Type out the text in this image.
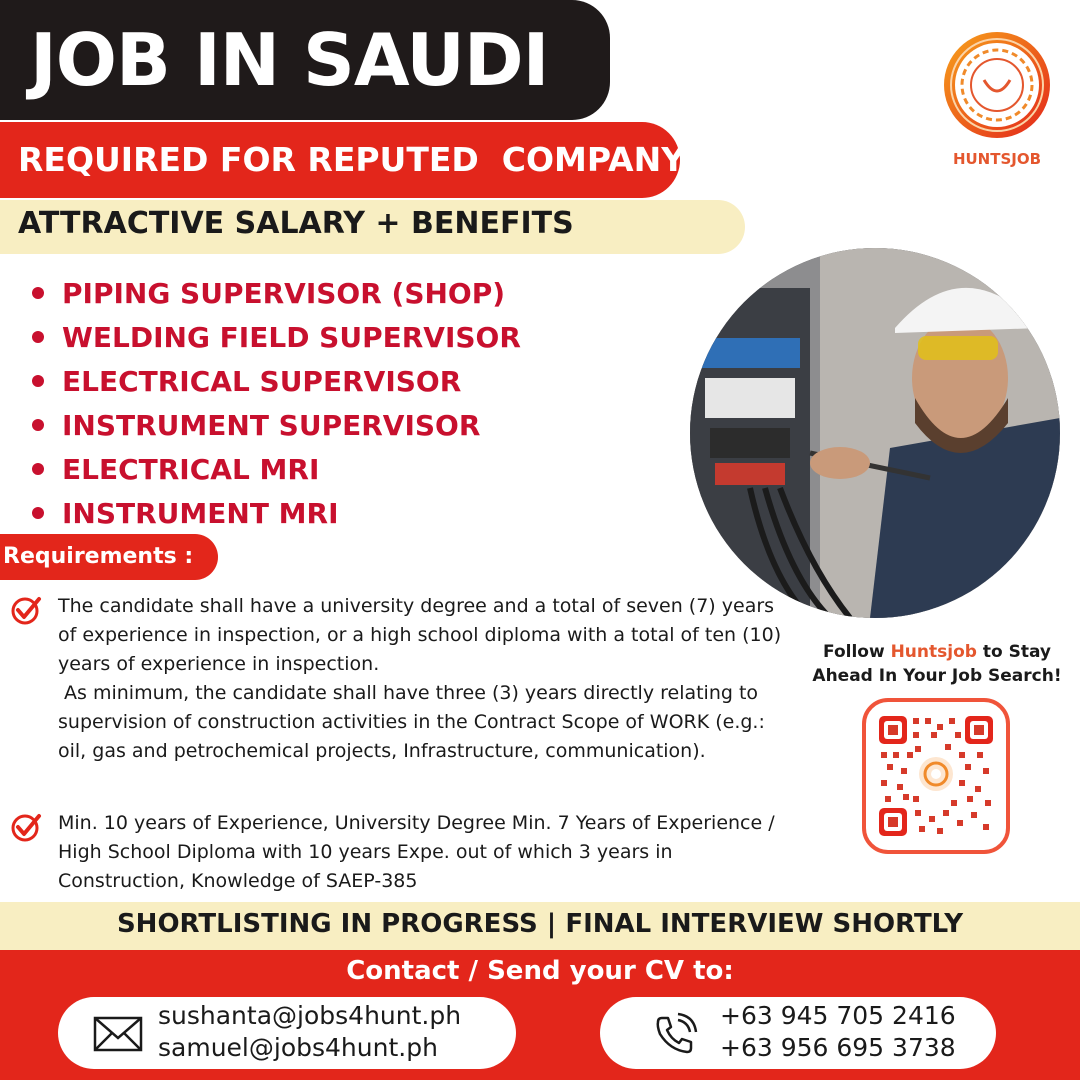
JOB IN SAUDI
REQUIRED FOR REPUTED  COMPANY
ATTRACTIVE SALARY + BENEFITS
HUNTSJOB
PIPING SUPERVISOR (SHOP)
WELDING FIELD SUPERVISOR
ELECTRICAL SUPERVISOR
INSTRUMENT SUPERVISOR
ELECTRICAL MRI
INSTRUMENT MRI
Requirements :

The candidate shall have a university degree and a total of seven (7) years of experience in inspection, or a high school diploma with a total of ten (10) years of experience in inspection.

As minimum, the candidate shall have three (3) years directly relating to supervision of construction activities in the Contract Scope of WORK (e.g.: oil, gas and petrochemical projects, Infrastructure, communication).

Min. 10 years of Experience, University Degree Min. 7 Years of Experience / High School Diploma with 10 years Expe. out of which 3 years in Construction, Knowledge of SAEP-385

Follow Huntsjob to Stay
Ahead In Your Job Search!
SHORTLISTING IN PROGRESS | FINAL INTERVIEW SHORTLY
Contact / Send your CV to:
sushanta@jobs4hunt.ph
samuel@jobs4hunt.ph
+63 945 705 2416
+63 956 695 3738
